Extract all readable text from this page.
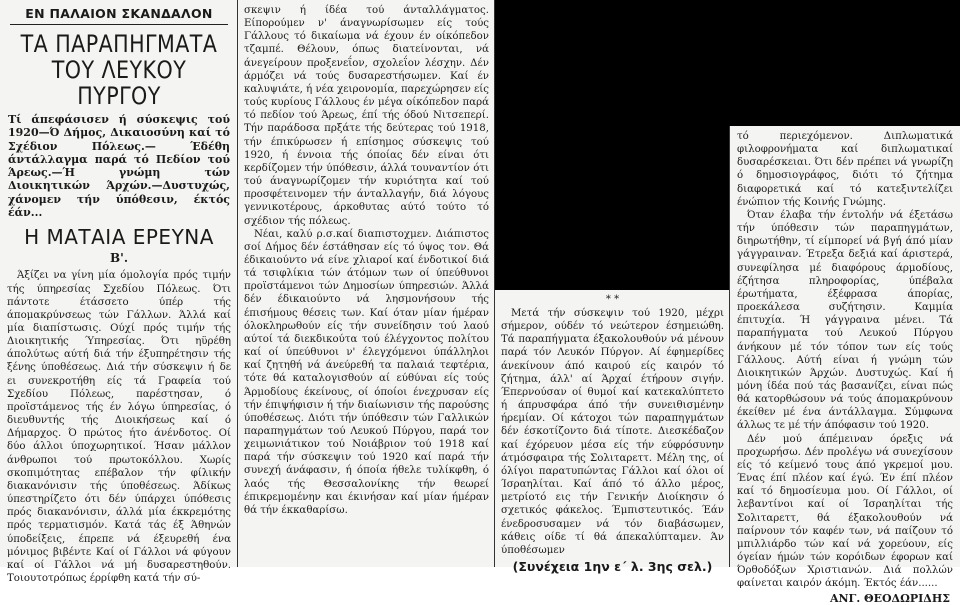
ΕΝ ΠΑΛΑΙΟΝ ΣΚΑΝΔΑΛΟΝ
ΤΑ ΠΑΡΑΠΗΓΜΑΤΑ
ΤΟΥ ΛΕΥΚΟΥ ΠΥΡΓΟΥ
Τί άπεφάσισεν ή σύσκεψις τού 1920—Ό Δήμος, Δικαιοσύνη καί τό Σχέδιον Πόλεως.— Έδέθη άντάλλαγμα παρά τό Πεδίον τού Άρεως.—Ή γνώμη τών Διοικητικών Άρχών.—Δυστυχώς, χάνομεν τήν ύπόθεσιν, έκτός έάν...
Η ΜΑΤΑΙΑ ΕΡΕΥΝΑ
Β'.

Άξίζει να γίνη μία όμολογία πρός τιμήν τής ύπηρεσίας Σχεδίου Πόλεως. Ότι πάντοτε έτάσσετο ύπέρ τής άπομακρύνσεως τών Γάλλων. Άλλά καί μία διαπίστωσις. Ούχί πρός τιμήν τής Διοικητικής Ύπηρεσίας. Ότι ηϋρέθη άπολύτως αύτή διά τήν έξυπηρέτησιν τής ξένης ύποθέσεως. Διά τήν σύσκεψιν ή δε ει συνεκροτήθη είς τά Γραφεία τού Σχεδίου Πόλεως, παρέστησαν, ό προϊστάμενος τής έν λόγω ύπηρεσίας, ό διευθυντής τής Διοικήσεως καί ό Δήμαρχος. Ό πρώτος ήτο άνένδοτος. Οί δύο άλλοι ύποχωρητικοί. Ήσαν μάλλον άνθρωποι τού πρωτοκόλλου. Χωρίς σκοπιμότητας επέβαλον τήν φίλικήν διακανόνισιν τής ύποθέσεως. Άδίκως ύπεστηρίζετο ότι δέν ύπάρχει ύπόθεσις πρός διακανόνισιν, άλλά μία έκκρεμότης πρός τερματισμόν. Κατά τάς έξ Άθηνών ύποδείξεις, έπρεπε νά έξευρεθή ένα μόνιμος βιβέντε Καί οί Γάλλοι νά φύγουν καί οί Γάλλοι νά μή δυσαρεστηθούν. Τοιουτοτρόπως έρρίφθη κατά τήν σύ-

σκεψιν ή ίδέα τού άνταλλάγματος. Είπορούμεν ν' άναγνωρίσωμεν είς τούς Γάλλους τό δικαίωμα νά έχουν έν οίκόπεδον τζαμπέ. Θέλουν, όπως διατείνονται, νά άνεγείρουν προξενεΐον, σχολεΐον λέσχην. Δέν άρμόζει νά τούς δυσαρεστήσωμεν. Καί έν καλυψιάτε, ή νέα χειρονομία, παρεχώρησεν είς τούς κυρίους Γάλλους έν μέγα οίκόπεδον παρά τό πεδίον τού Άρεως, έπί τής όδού Νιτσεπερί. Τήν παράδοσα πρξάτε τής δεύτερας τού 1918, τήν έπικύρωσεν ή επίσημος σύσκεψις τού 1920, ή έννοια τής όποίας δέν είναι ότι κερδίζομεν τήν ύπόθεσιν, άλλά τουναντίον ότι τού άναγνωρίζομεν τήν κυριότητα καί τού προσφέτεινομεν τήν άνταλλαγήν, διά λόγους γεννικοτέρους, άρκοθυτας αύτό τούτο τό σχέδιον τής πόλεως.

Νέαι, καλύ ρ.σ.καί διαπιστοχμεν. Διάπιστος σοί Δήμος δέν έστάθησαν είς τό ύψος τον. Θά έδικαιούντο νά είνε χλιαροί καί ένδοτικοί διά τά τσιφλίκια τών άτόμων των οί ύπεύθυνοι προϊστάμενοι τών Δημοσίων ύπηρεσιών. Άλλά δέν έδικαιούντο νά λησμονήσουν τής έπισήμους θέσεις των. Καί όταν μίαν ήμέραν όλοκληρωθούν είς τήν συνείδησιν τού λαού αύτοί τά διεκδικούτα τού έλέγχοντος πολίτου καί οί ύπεύθυνοι ν' έλεγχόμενοι ύπάλληλοι καί ζητηθή νά άνεύρεθή τα παλαιά τεφτέρια, τότε θά καταλογισθούν αί εύθύναι είς τούς Άρμοδίους έκείνους, οί όποίοι ένεχρυσαν είς τήν έπιψήφισιν ή τήν διαίωνισιν τής παρούσης ύποθέσεως. Διότι τήν ύπόθεσιν τών Γαλλικών παραπηγμάτων τού Λευκού Πύργου, παρά τον χειμωνιάτικον τού Νοιάβριον τού 1918 καί παρά τήν σύσκεψιν τού 1920 καί παρά τήν συνεχή άνάφασιν, ή όποία ήθελε τυλίκφθη, ό λαός τής Θεσσαλονίκης τήν θεωρεί έπικρεμομένην και έκινήσαν καί μίαν ήμέραν θά τήν έκκαθαρίσω.

* *

Μετά τήν σύσκεψιν τού 1920, μέχρι σήμερον, ούδέν τό νεώτερον έσημειώθη. Τά παραπήγματα έξακολουθούν νά μένουν παρά τόν Λευκόν Πύργον. Αί έφημερίδες άνεκίνουν άπό καιρού είς καιρόν τό ζήτημα, άλλ' αί Άρχαί έτήρουν σιγήν. Έπερνούσαν οί θυμοί καί κατεκαλύπτετο ή άπρυσφάρα άπό τήν συνειθισμένην ήρεμίαν. Οί κάτοχοι τών παραπηγμάτων δέν έσκοτίζοντο διά τίποτε. Διεσκέδαζον καί έχόρευον μέσα είς τήν εύφρόσυνην άτμόσφαιρα τής Σολιταρεττ. Μέλη της, οί όλίγοι παρατυπώντας Γάλλοι καί όλοι οί Ίσραηλίται. Καί άπό τό άλλο μέρος, μετρίοτό εις τήν Γενικήν Διοίκησιν ό σχετικός φάκελος. Έμπιστευτικός. Έάν ένεδροσυσαμεν νά τόν διαβάσωμεν, κάθεις οίδε τί θά άπεκαλύπταμεν. Άν ύποθέσωμεν

(Συνέχεια 1ην ε΄ λ. 3ης σελ.)

τό περιεχόμενον. Διπλωματικά φιλοφρονήματα καί διπλωματικαί δυσαρέσκειαι. Ότι δέν πρέπει νά γνωρίζη ό δημοσιογράφος, διότι τό ζήτημα διαφορετικά καί τό κατεξιντελίζει ένώπιον τής Κοινής Γνώμης.

Όταν έλαβα τήν έντολήν νά έξετάσω τήν ύπόθεσιν τών παραπηγμάτων, διηρωτήθην, τί είμπορεί νά βγή άπό μίαν γάγγραιναν. Έτρεξα δεξιά καί άριστερά, συνεφίλησα μέ διαφόρους άρμοδίους, έζήτησα πληροφορίας, ύπέβαλα έρωτήματα, έξέφρασα άπορίας, προεκάλεσα συζήτησιν. Καμμία έπιτυχία. Ή γάγγραινα μένει. Τά παραπήγματα τού Λευκού Πύργου άνήκουν μέ τόν τόπον των είς τούς Γάλλους. Αύτή είναι ή γνώμη τών Διοικητικών Άρχών. Δυστυχώς. Καί ή μόνη ίδέα πού τάς βασανίζει, είναι πώς θά κατορθώσουν νά τούς άπομακρύνουν έκείθεν μέ ένα άντάλλαγμα. Σύμφωνα άλλως τε μέ τήν άπόφασιν τού 1920.

Δέν μού άπέμειναν όρεξις νά προχωρήσω. Δέν προλέγω νά συνεχίσουν είς τό κείμενό τους άπό γκρεμοί μου. Ένας έπί πλέον καί έγώ. Έν έπί πλέον καί τό δημοσίευμα μου. Οί Γάλλοι, οί λεβαντίνοι καί οί Ίσραηλίται τής Σολιταρεττ, θά έξακολουθούν νά παίρνουν τόν καφέν των, νά παίζουν τό μπιλλιάρδο τών καί νά χορεύουν, είς όγείαν ήμών τών κορόιδων έφορων καί Όρθοδόξων Χριστιανών. Διά πολλών φαίνεται καιρόν άκόμη. Έκτός έάν......

ΑΝΓ. ΘΕΟΔΩΡΙΔΗΣ
